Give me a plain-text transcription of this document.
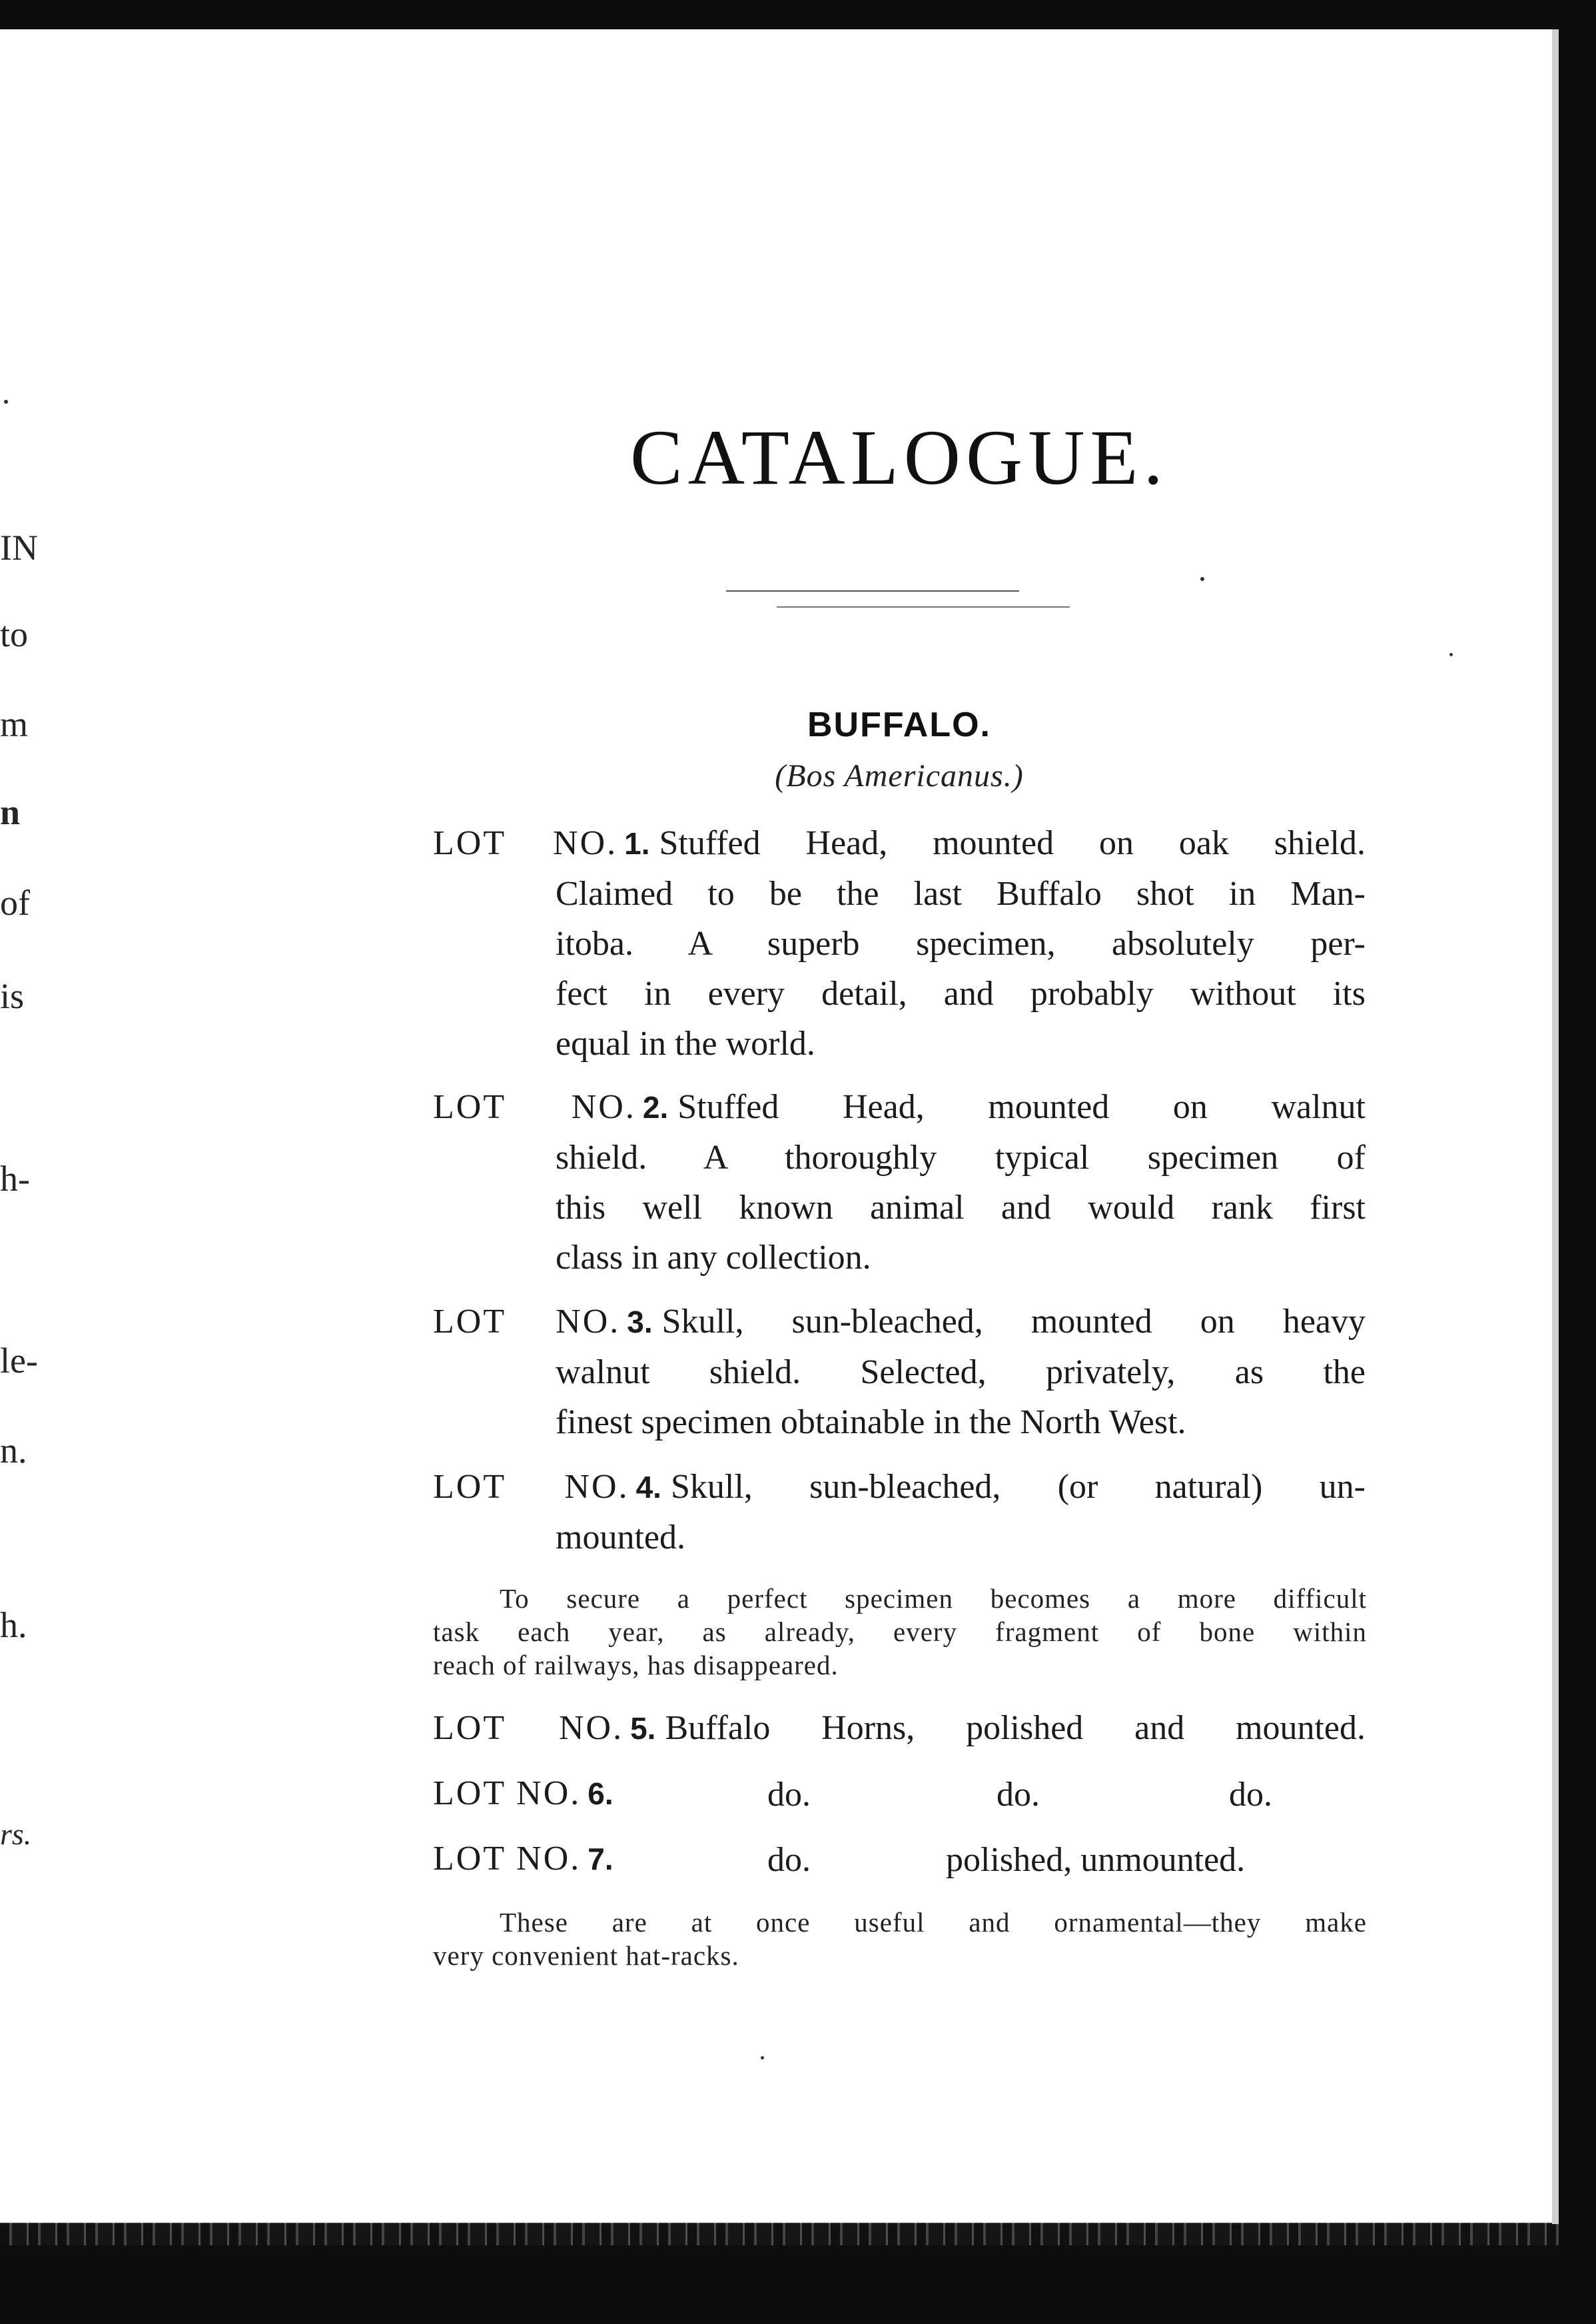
IN
to
m
n
of
is
h-
le-
n.
h.
rs.
CATALOGUE.
BUFFALO.
(Bos Americanus.)
LOT NO. 1. Stuffed Head, mounted on oak shield.
Claimed to be the last Buffalo shot in Man-
itoba. A superb specimen, absolutely per-
fect in every detail, and probably without its
equal in the world.
LOT NO. 2. Stuffed Head, mounted on walnut
shield. A thoroughly typical specimen of
this well known animal and would rank first
class in any collection.
LOT NO. 3. Skull, sun-bleached, mounted on heavy
walnut shield. Selected, privately, as the
finest specimen obtainable in the North West.
LOT NO. 4. Skull, sun-bleached, (or natural) un-
mounted.
To secure a perfect specimen becomes a more difficult
task each year, as already, every fragment of bone within
reach of railways, has disappeared.
LOT NO. 5. Buffalo Horns, polished and mounted.
LOT NO. 6.	do.	do.	do.
LOT NO. 7.	do.	polished, unmounted.
These are at once useful and ornamental—they make
very convenient hat-racks.
